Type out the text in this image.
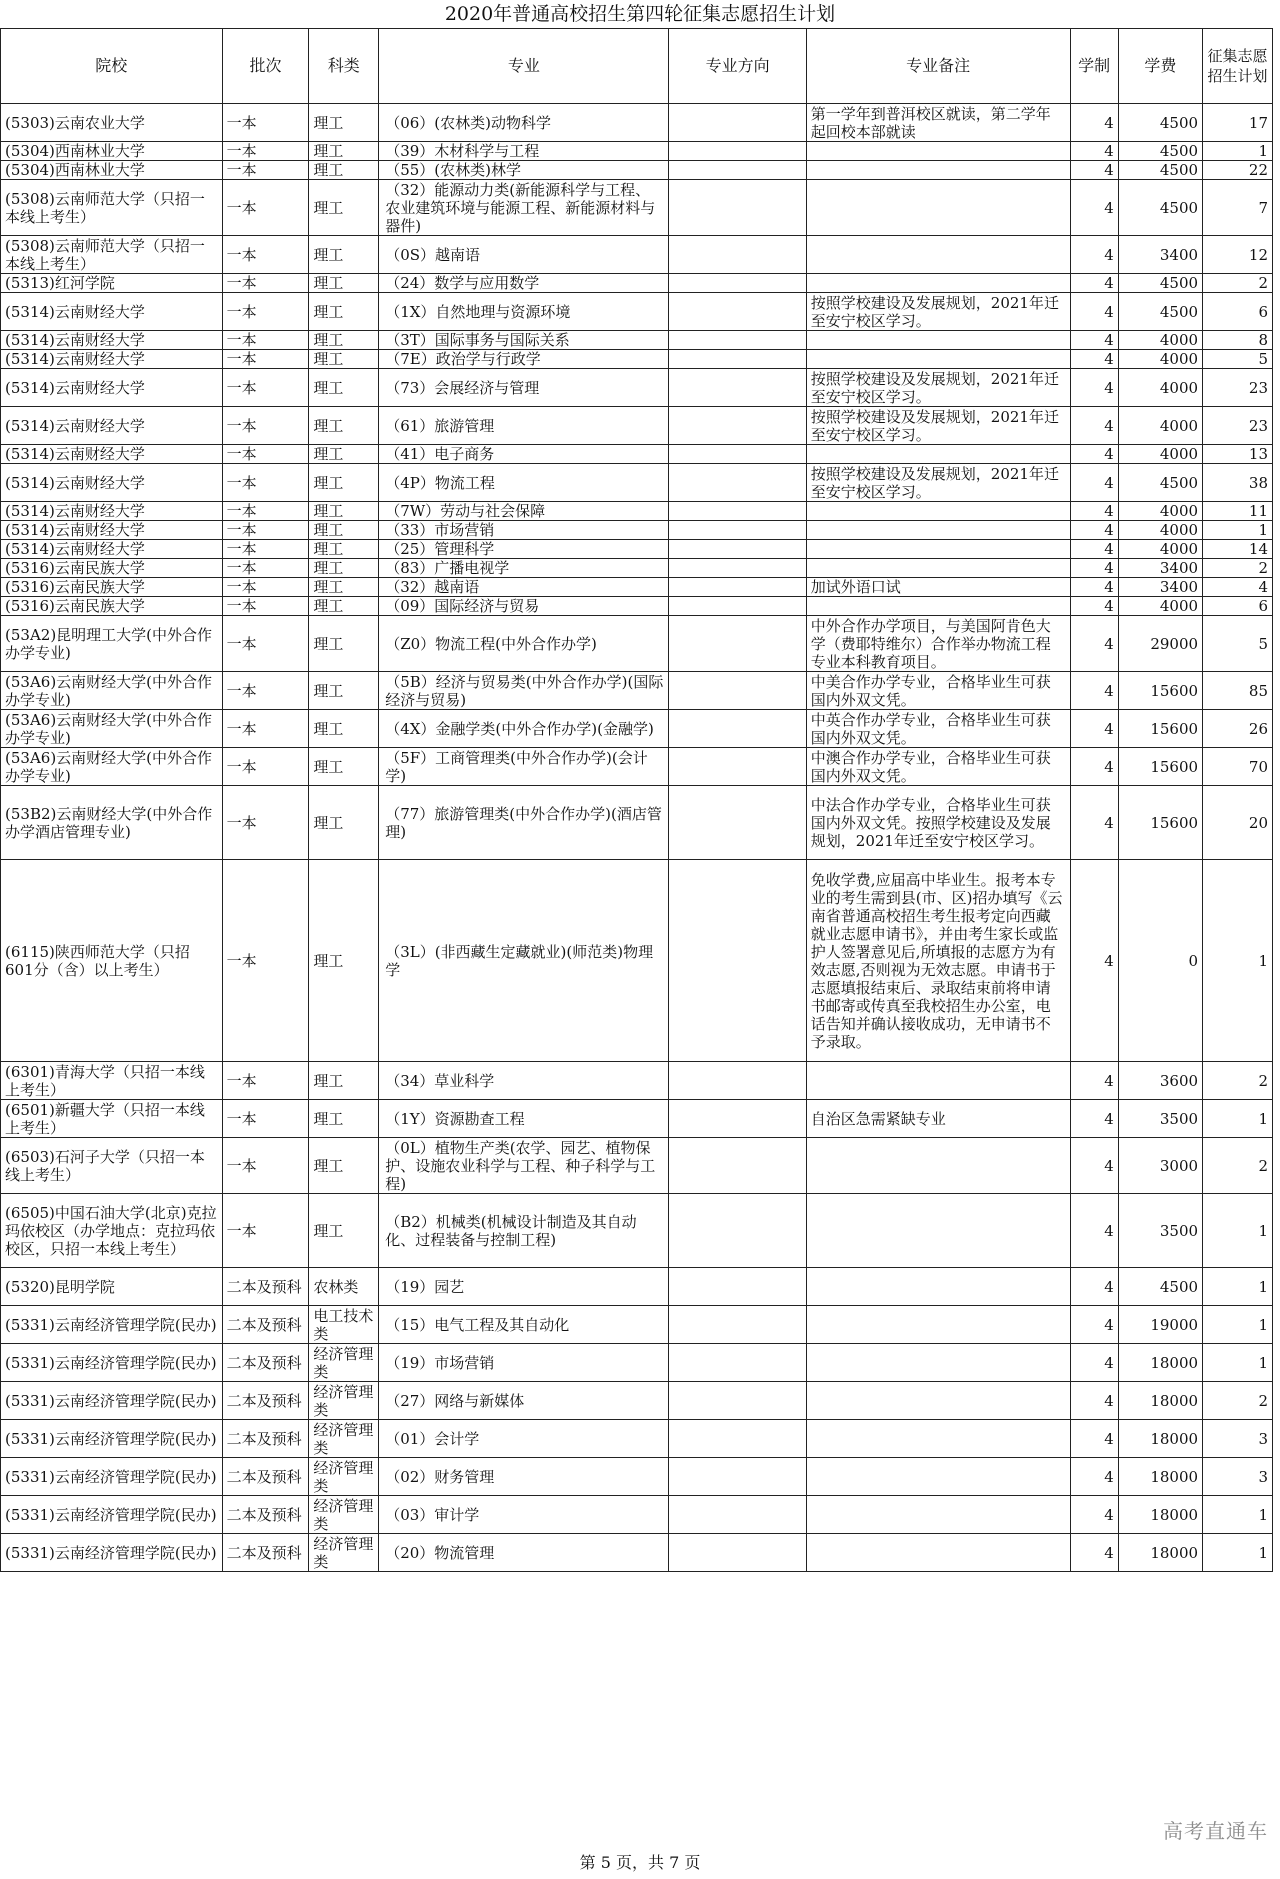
2020年普通高校招生第四轮征集志愿招生计划
院校	批次	科类	专业	专业方向	专业备注	学制	学费	征集志愿招生计划
(5303)云南农业大学	一本	理工	（06）(农林类)动物科学		第一学年到普洱校区就读，第二学年起回校本部就读	4	4500	17
(5304)西南林业大学	一本	理工	（39）木材科学与工程			4	4500	1
(5304)西南林业大学	一本	理工	（55）(农林类)林学			4	4500	22
(5308)云南师范大学（只招一本线上考生）	一本	理工	（32）能源动力类(新能源科学与工程、农业建筑环境与能源工程、新能源材料与器件)			4	4500	7
(5308)云南师范大学（只招一本线上考生）	一本	理工	（0S）越南语			4	3400	12
(5313)红河学院	一本	理工	（24）数学与应用数学			4	4500	2
(5314)云南财经大学	一本	理工	（1X）自然地理与资源环境		按照学校建设及发展规划，2021年迁至安宁校区学习。	4	4500	6
(5314)云南财经大学	一本	理工	（3T）国际事务与国际关系			4	4000	8
(5314)云南财经大学	一本	理工	（7E）政治学与行政学			4	4000	5
(5314)云南财经大学	一本	理工	（73）会展经济与管理		按照学校建设及发展规划，2021年迁至安宁校区学习。	4	4000	23
(5314)云南财经大学	一本	理工	（61）旅游管理		按照学校建设及发展规划，2021年迁至安宁校区学习。	4	4000	23
(5314)云南财经大学	一本	理工	（41）电子商务			4	4000	13
(5314)云南财经大学	一本	理工	（4P）物流工程		按照学校建设及发展规划，2021年迁至安宁校区学习。	4	4500	38
(5314)云南财经大学	一本	理工	（7W）劳动与社会保障			4	4000	11
(5314)云南财经大学	一本	理工	（33）市场营销			4	4000	1
(5314)云南财经大学	一本	理工	（25）管理科学			4	4000	14
(5316)云南民族大学	一本	理工	（83）广播电视学			4	3400	2
(5316)云南民族大学	一本	理工	（32）越南语		加试外语口试	4	3400	4
(5316)云南民族大学	一本	理工	（09）国际经济与贸易			4	4000	6
(53A2)昆明理工大学(中外合作办学专业)	一本	理工	（Z0）物流工程(中外合作办学)		中外合作办学项目，与美国阿肯色大学（费耶特维尔）合作举办物流工程专业本科教育项目。	4	29000	5
(53A6)云南财经大学(中外合作办学专业)	一本	理工	（5B）经济与贸易类(中外合作办学)(国际经济与贸易)		中美合作办学专业，合格毕业生可获国内外双文凭。	4	15600	85
(53A6)云南财经大学(中外合作办学专业)	一本	理工	（4X）金融学类(中外合作办学)(金融学)		中英合作办学专业，合格毕业生可获国内外双文凭。	4	15600	26
(53A6)云南财经大学(中外合作办学专业)	一本	理工	（5F）工商管理类(中外合作办学)(会计学)		中澳合作办学专业，合格毕业生可获国内外双文凭。	4	15600	70
(53B2)云南财经大学(中外合作办学酒店管理专业)	一本	理工	（77）旅游管理类(中外合作办学)(酒店管理)		中法合作办学专业，合格毕业生可获国内外双文凭。按照学校建设及发展规划，2021年迁至安宁校区学习。	4	15600	20
(6115)陕西师范大学（只招601分（含）以上考生）	一本	理工	（3L）(非西藏生定藏就业)(师范类)物理学		免收学费,应届高中毕业生。报考本专业的考生需到县(市、区)招办填写《云南省普通高校招生考生报考定向西藏就业志愿申请书》，并由考生家长或监护人签署意见后,所填报的志愿方为有效志愿,否则视为无效志愿。申请书于志愿填报结束后、录取结束前将申请书邮寄或传真至我校招生办公室，电话告知并确认接收成功，无申请书不予录取。	4	0	1
(6301)青海大学（只招一本线上考生）	一本	理工	（34）草业科学			4	3600	2
(6501)新疆大学（只招一本线上考生）	一本	理工	（1Y）资源勘查工程		自治区急需紧缺专业	4	3500	1
(6503)石河子大学（只招一本线上考生）	一本	理工	（0L）植物生产类(农学、园艺、植物保护、设施农业科学与工程、种子科学与工程)			4	3000	2
(6505)中国石油大学(北京)克拉玛依校区（办学地点：克拉玛依校区，只招一本线上考生）	一本	理工	（B2）机械类(机械设计制造及其自动化、过程装备与控制工程)			4	3500	1
(5320)昆明学院	二本及预科	农林类	（19）园艺			4	4500	1
(5331)云南经济管理学院(民办)	二本及预科	电工技术类	（15）电气工程及其自动化			4	19000	1
(5331)云南经济管理学院(民办)	二本及预科	经济管理类	（19）市场营销			4	18000	1
(5331)云南经济管理学院(民办)	二本及预科	经济管理类	（27）网络与新媒体			4	18000	2
(5331)云南经济管理学院(民办)	二本及预科	经济管理类	（01）会计学			4	18000	3
(5331)云南经济管理学院(民办)	二本及预科	经济管理类	（02）财务管理			4	18000	3
(5331)云南经济管理学院(民办)	二本及预科	经济管理类	（03）审计学			4	18000	1
(5331)云南经济管理学院(民办)	二本及预科	经济管理类	（20）物流管理			4	18000	1
高考直通车
第 5 页，共 7 页
